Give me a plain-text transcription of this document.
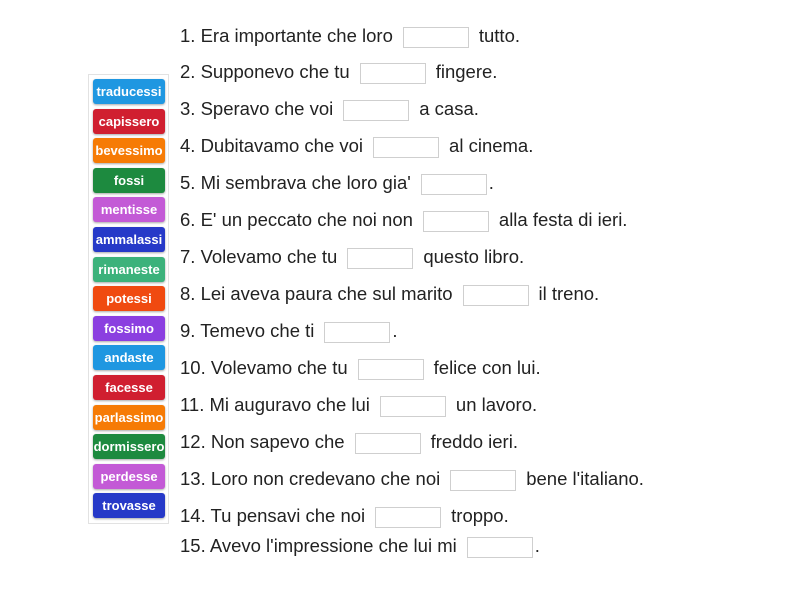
traducessi
capissero
bevessimo
fossi
mentisse
ammalassi
rimaneste
potessi
fossimo
andaste
facesse
parlassimo
dormissero
perdesse
trovasse
1. Era importante che loro	tutto.
2. Supponevo che tu	fingere.
3. Speravo che voi	a casa.
4. Dubitavamo che voi	al cinema.
5. Mi sembrava che loro gia'	.
6. E' un peccato che noi non	alla festa di ieri.
7. Volevamo che tu	questo libro.
8. Lei aveva paura che sul marito	il treno.
9. Temevo che ti	.
10. Volevamo che tu	felice con lui.
11. Mi auguravo che lui	un lavoro.
12. Non sapevo che	freddo ieri.
13. Loro non credevano che noi	bene l'italiano.
14. Tu pensavi che noi	troppo.
15. Avevo l'impressione che lui mi	.
